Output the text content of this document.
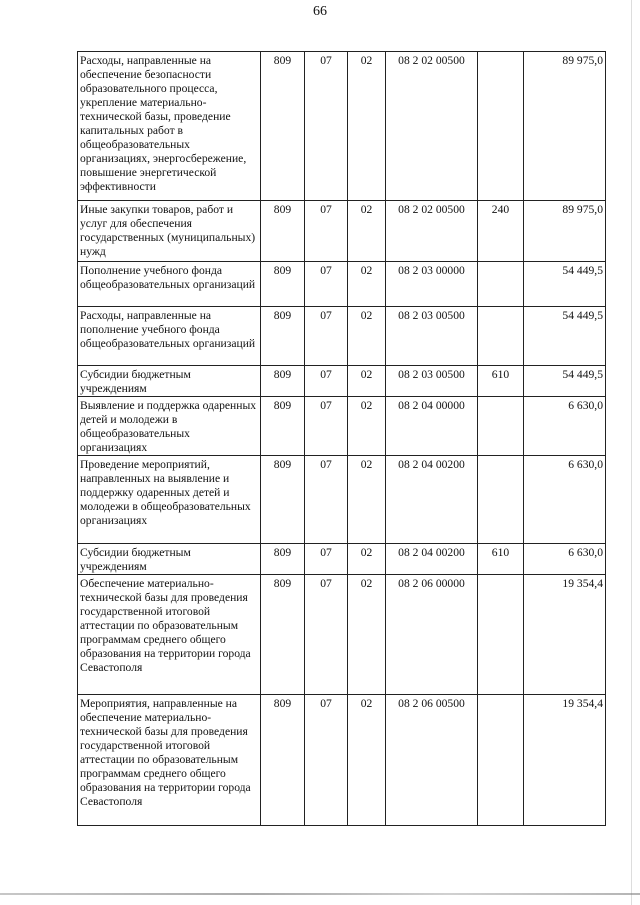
66
Расходы, направленные на обеспечение безопасности образовательного процесса, укрепление материально-технической базы, проведение капитальных работ в общеобразовательных организациях, энергосбережение, повышение энергетической эффективности	809	07	02	08 2 02 00500		89 975,0
Иные закупки товаров, работ и услуг для обеспечения государственных (муниципальных) нужд	809	07	02	08 2 02 00500	240	89 975,0
Пополнение учебного фонда общеобразовательных организаций	809	07	02	08 2 03 00000		54 449,5
Расходы, направленные на пополнение учебного фонда общеобразовательных организаций	809	07	02	08 2 03 00500		54 449,5
Субсидии бюджетным учреждениям	809	07	02	08 2 03 00500	610	54 449,5
Выявление и поддержка одаренных детей и молодежи в общеобразовательных организациях	809	07	02	08 2 04 00000		6 630,0
Проведение мероприятий, направленных на выявление и поддержку одаренных детей и молодежи в общеобразовательных организациях	809	07	02	08 2 04 00200		6 630,0
Субсидии бюджетным учреждениям	809	07	02	08 2 04 00200	610	6 630,0
Обеспечение материально-технической базы для проведения государственной итоговой аттестации по образовательным программам среднего общего образования на территории города Севастополя	809	07	02	08 2 06 00000		19 354,4
Мероприятия, направленные на обеспечение материально-технической базы для проведения государственной итоговой аттестации по образовательным программам среднего общего образования на территории города Севастополя	809	07	02	08 2 06 00500		19 354,4
